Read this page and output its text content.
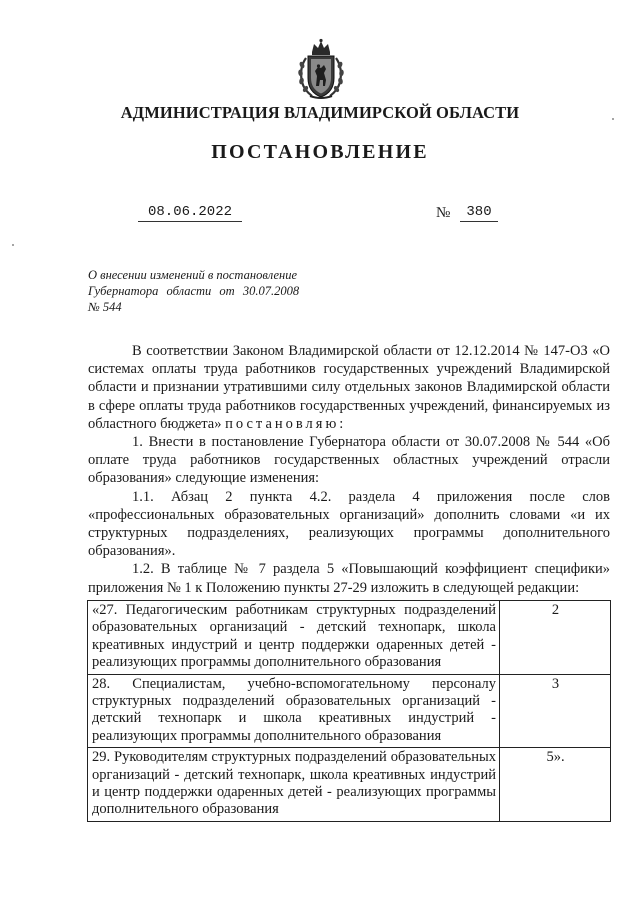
АДМИНИСТРАЦИЯ ВЛАДИМИРСКОЙ ОБЛАСТИ
ПОСТАНОВЛЕНИЕ
08.06.2022	№	380
О внесении изменений в постановление
Губернатора области от 30.07.2008
№ 544

В соответствии Законом Владимирской области от 12.12.2014 № 147-ОЗ «О системах оплаты труда работников государственных учреждений Владимирской области и признании утратившими силу отдельных законов Владимирской области в сфере оплаты труда работников государственных учреждений, финансируемых из областного бюджета» постановляю:

1. Внести в постановление Губернатора области от 30.07.2008 № 544 «Об оплате труда работников государственных областных учреждений отрасли образования» следующие изменения:

1.1. Абзац 2 пункта 4.2. раздела 4 приложения после слов «профессиональных образовательных организаций» дополнить словами «и их структурных подразделениях, реализующих программы дополнительного образования».

1.2. В таблице № 7 раздела 5 «Повышающий коэффициент специфики» приложения № 1 к Положению пункты 27-29 изложить в следующей редакции:

«27. Педагогическим работникам структурных подразделений образовательных организаций - детский технопарк, школа креативных индустрий и центр поддержки одаренных детей - реализующих программы дополнительного образования	2
28. Специалистам, учебно-вспомогательному персоналу структурных подразделений образовательных организаций - детский технопарк и школа креативных индустрий - реализующих программы дополнительного образования	3
29. Руководителям структурных подразделений образовательных организаций - детский технопарк, школа креативных индустрий и центр поддержки одаренных детей - реализующих программы дополнительного образования	5».
